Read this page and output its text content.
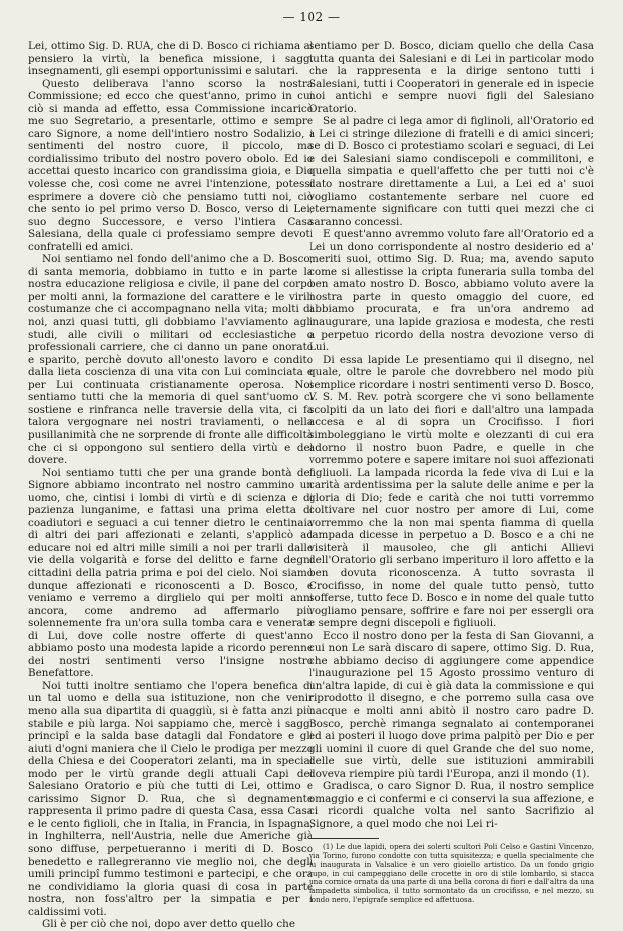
— 102 —

Lei, ottimo Sig. D. RUA, che di D. Bosco ci richiama al pensiero la virtù, la benefica missione, i saggi insegnamenti, gli esempi opportunissimi e salutari.

Questo deliberava l'anno scorso la nostra Commissione; ed ecco che quest'anno, primo in cui ciò si manda ad effetto, essa Commissione incaricò me suo Segretario, a presentarle, ottimo e sempre caro Signore, a nome dell'intiero nostro Sodalizio, i sentimenti del nostro cuore, il piccolo, ma cordialissimo tributo del nostro povero obolo. Ed io accettai questo incarico con grandissima gioia, e Dio volesse che, così come ne avrei l'intenzione, potessi esprimere a dovere ciò che pensiamo tutti noi, ciò che sento io pel primo verso D. Bosco, verso di Lei, suo degno Successore, e verso l'intiera Casa Salesiana, della quale ci professiamo sempre devoti confratelli ed amici.

Noi sentiamo nel fondo dell'animo che a D. Bosco, di santa memoria, dobbiamo in tutto e in parte la nostra educazione religiosa e civile, il pane del corpo per molti anni, la formazione del carattere e le virili costumanze che ci accompagnano nella vita; molti di noi, anzi quasi tutti, gli dobbiamo l'avviamento agli studi, alle civili o militari od ecclesiastiche o professionali carriere, che ci danno un pane onorato e sparito, perchè dovuto all'onesto lavoro e condito dalla lieta coscienza di una vita con Lui cominciata e per Lui continuata cristianamente operosa. Noi sentiamo tutti che la memoria di quel sant'uomo ci sostiene e rinfranca nelle traversie della vita, ci fa talora vergognare nei nostri traviamenti, o nella pusillanimità che ne sorprende di fronte alle difficoltà che ci si oppongono sul sentiero della virtù e del dovere.

Noi sentiamo tutti che per una grande bontà del Signore abbiamo incontrato nel nostro cammino un uomo, che, cintisi i lombi di virtù e di scienza e di pazienza lunganime, e fattasi una prima eletta di coadiutori e seguaci a cui tenner dietro le centinaia di altri dei pari affezionati e zelanti, s'applicò ad educare noi ed altri mille simili a noi per trarli dalle vie della volgarità e forse del delitto e farne degni cittadini della patria prima e poi del cielo. Noi siamo dunque affezionati e riconoscenti a D. Bosco, e veniamo e verremo a dirglielo qui per molti anni ancora, come andremo ad affermarlo più solennemente fra un'ora sulla tomba cara e venerata di Lui, dove colle nostre offerte di quest'anno abbiamo posto una modesta lapide a ricordo perenne dei nostri sentimenti verso l'insigne nostro Benefattore.

Noi tutti inoltre sentiamo che l'opera benefica di un tal uomo e della sua istituzione, non che venir meno alla sua dipartita di quaggiù, si è fatta anzi più stabile e più larga. Noi sappiamo che, mercè i saggi principî e la salda base datagli dal Fondatore e gli aiuti d'ogni maniera che il Cielo le prodiga per mezzo della Chiesa e dei Cooperatori zelanti, ma in special modo per le virtù grande degli attuali Capi del Salesiano Oratorio e più che tutti di Lei, ottimo e carissimo Signor D. Rua, che sì degnamente rappresenta il primo padre di questa Casa, essa Casa e le cento figlioli, che in Italia, in Francia, in Ispagna, in Inghilterra, nell'Austria, nelle due Americhe già sono diffuse, perpetueranno i meriti di D. Bosco benedetto e rallegreranno vie meglio noi, che degli umili principî fummo testimoni e partecipi, e che ora ne condividiamo la gloria quasi di cosa in parte nostra, non foss'altro per la simpatia e per i caldissimi voti.

Gli è per ciò che noi, dopo aver detto quello che

sentiamo per D. Bosco, diciam quello che della Casa tutta quanta dei Salesiani e di Lei in particolar modo che la rappresenta e la dirige sentono tutti i Salesiani, tutti i Cooperatori in generale ed in ispecie noi antichi e sempre nuovi figli del Salesiano Oratorio.

Se al padre ci lega amor di figlinoli, all'Oratorio ed a Lei ci stringe dilezione di fratelli e di amici sinceri; se di D. Bosco ci protestiamo scolari e seguaci, di Lei e dei Salesiani siamo condiscepoli e commilitoni, e quella simpatia e quell'affetto che per tutti noi c'è dato nostrare direttamente a Lui, a Lei ed a' suoi vogliamo costantemente serbare nel cuore ed eternamente significare con tutti quei mezzi che ci saranno concessi.

E quest'anno avremmo voluto fare all'Oratorio ed a Lei un dono corrispondente al nostro desiderio ed a' meriti suoi, ottimo Sig. D. Rua; ma, avendo saputo come si allestisse la cripta funeraria sulla tomba del ben amato nostro D. Bosco, abbiamo voluto avere la nostra parte in questo omaggio del cuore, ed abbiamo procurata, e fra un'ora andremo ad inaugurare, una lapide graziosa e modesta, che resti a perpetuo ricordo della nostra devozione verso di Lui.

Di essa lapide Le presentiamo qui il disegno, nel quale, oltre le parole che dovrebbero nel modo più semplice ricordare i nostri sentimenti verso D. Bosco, V. S. M. Rev. potrà scorgere che vi sono bellamente scolpiti da un lato dei fiori e dall'altro una lampada accesa e al di sopra un Crocifisso. I fiori simboleggiano le virtù molte e olezzanti di cui era adorno il nostro buon Padre, e quelle in che vorremmo potere e sapere imitare noi suoi affezionati figliuoli. La lampada ricorda la fede viva di Lui e la carità ardentissima per la salute delle anime e per la gloria di Dio; fede e carità che noi tutti vorremmo coltivare nel cuor nostro per amore di Lui, come vorremmo che la non mai spenta fiamma di quella lampada dicesse in perpetuo a D. Bosco e a chi ne visiterà il mausoleo, che gli antichi Allievi dell'Oratorio gli serbano imperituro il loro affetto e la ben dovuta riconoscenza. A tutto sovrasta il Crocifisso, in nome del quale tutto pensò, tutto sofferse, tutto fece D. Bosco e in nome del quale tutto vogliamo pensare, soffrire e fare noi per essergli ora e sempre degni discepoli e figliuoli.

Ecco il nostro dono per la festa di San Giovanni, a cui non Le sarà discaro di sapere, ottimo Sig. D. Rua, che abbiamo deciso di aggiungere come appendice l'inaugurazione pel 15 Agosto prossimo venturo di un'altra lapide, di cui è già data la commissione e qui riprodotto il disegno, e che porremo sulla casa ove nacque e molti anni abitò il nostro caro padre D. Bosco, perchè rimanga segnalato ai contemporanei ed ai posteri il luogo dove prima palpitò per Dio e per gli uomini il cuore di quel Grande che del suo nome, delle sue virtù, delle sue istituzioni ammirabili doveva riempire più tardi l'Europa, anzi il mondo (1).

Gradisca, o caro Signor D. Rua, il nostro semplice omaggio e ci confermi e ci conservi la sua affezione, e ci ricordi qualche volta nel santo Sacrifizio al Signore, a quel modo che noi Lei ri-

(1) Le due lapidi, opera dei solerti scultori Poli Celso e Gastini Vincenzo, via Torino, furono condotte con tutta squisitezza; e quella specialmente che fu inaugurata in Valsalice è un vero gioiello artistico. Da un fondo grigio cupo, in cui campeggiano delle crocette in oro di stile lombardo, si stacca una cornice ornata da una parte di una bella corona di fiori e dall'altra da una lampadetta simbolica, il tutto sormontato da un crocifisso, e nel mezzo, su fondo nero, l'epigrafe semplice ed affettuosa.
